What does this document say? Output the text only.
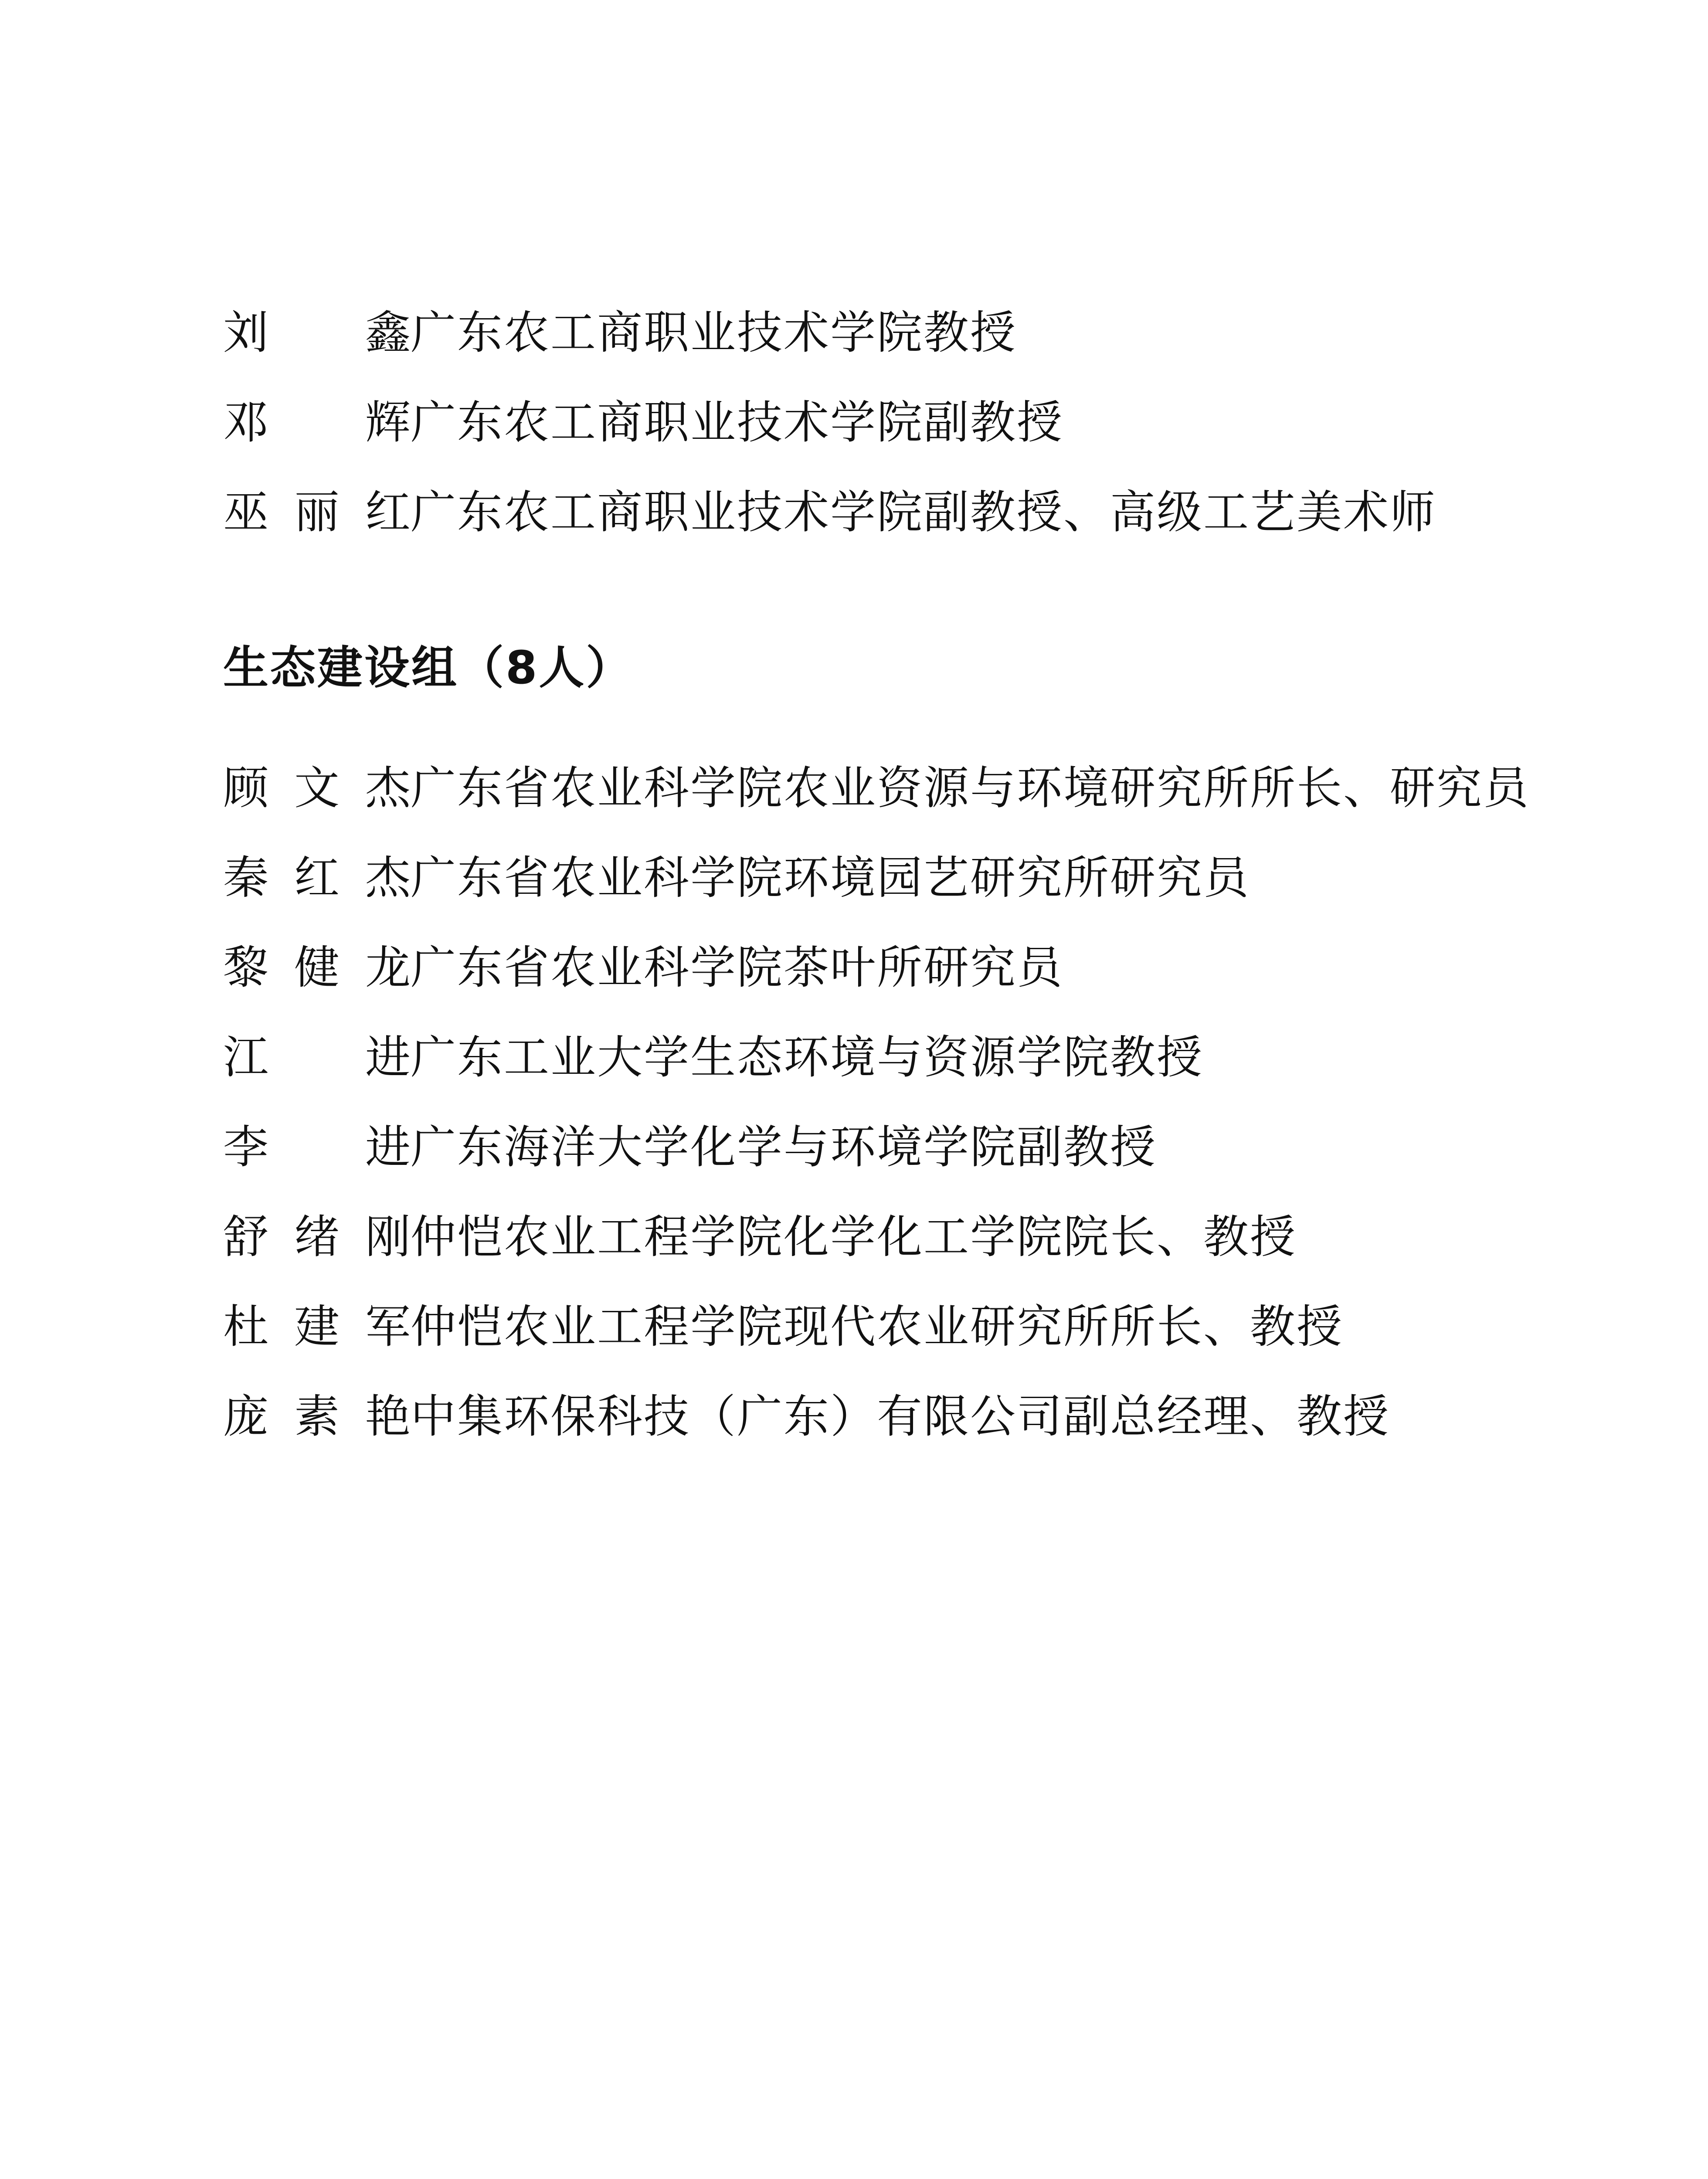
刘 鑫 广东农工商职业技术学院教授
邓 辉 广东农工商职业技术学院副教授
巫 丽 红 广东农工商职业技术学院副教授、高级工艺美术师
生态建设组（8人）
顾 文 杰 广东省农业科学院农业资源与环境研究所所长、研究员
秦 红 杰 广东省农业科学院环境园艺研究所研究员
黎 健 龙 广东省农业科学院茶叶所研究员
江 进 广东工业大学生态环境与资源学院教授
李 进 广东海洋大学化学与环境学院副教授
舒 绪 刚 仲恺农业工程学院化学化工学院院长、教授
杜 建 军 仲恺农业工程学院现代农业研究所所长、教授
庞 素 艳 中集环保科技（广东）有限公司副总经理、教授
